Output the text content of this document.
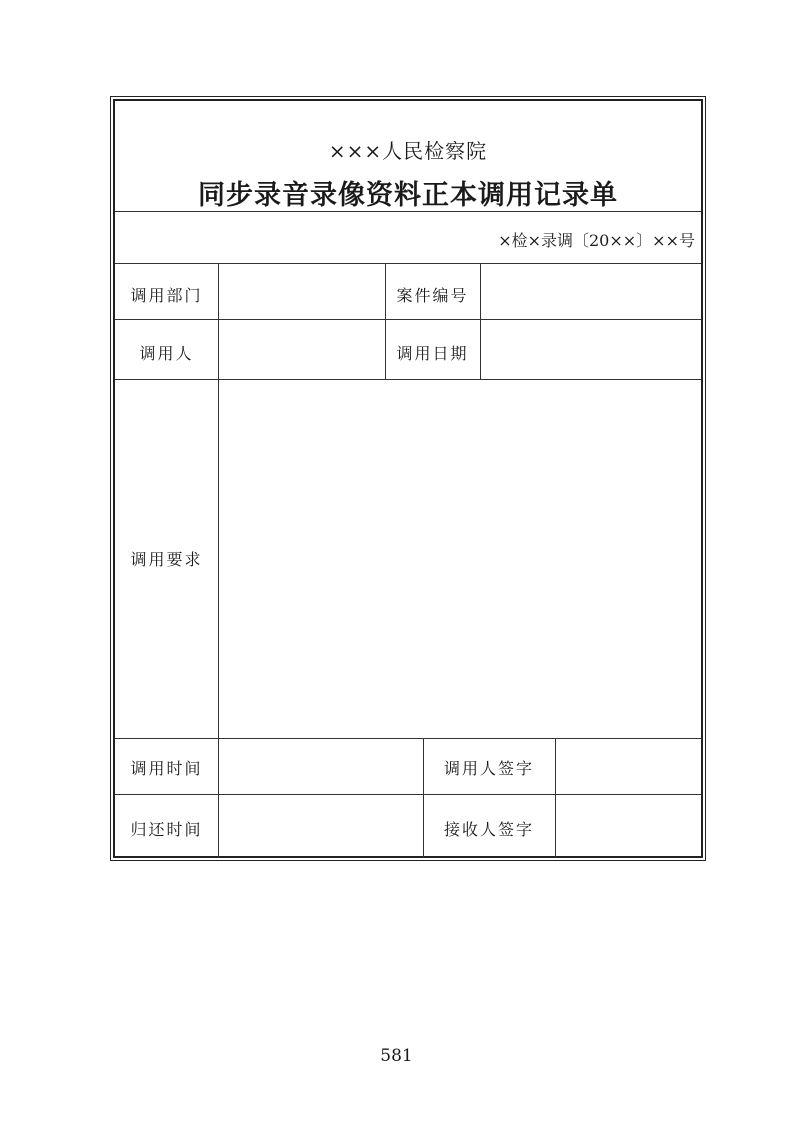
×××人民检察院
同步录音录像资料正本调用记录单
×检×录调〔20××〕××号
调用部门	案件编号
调用人	调用日期
调用要求
调用时间	调用人签字
归还时间	接收人签字
581
